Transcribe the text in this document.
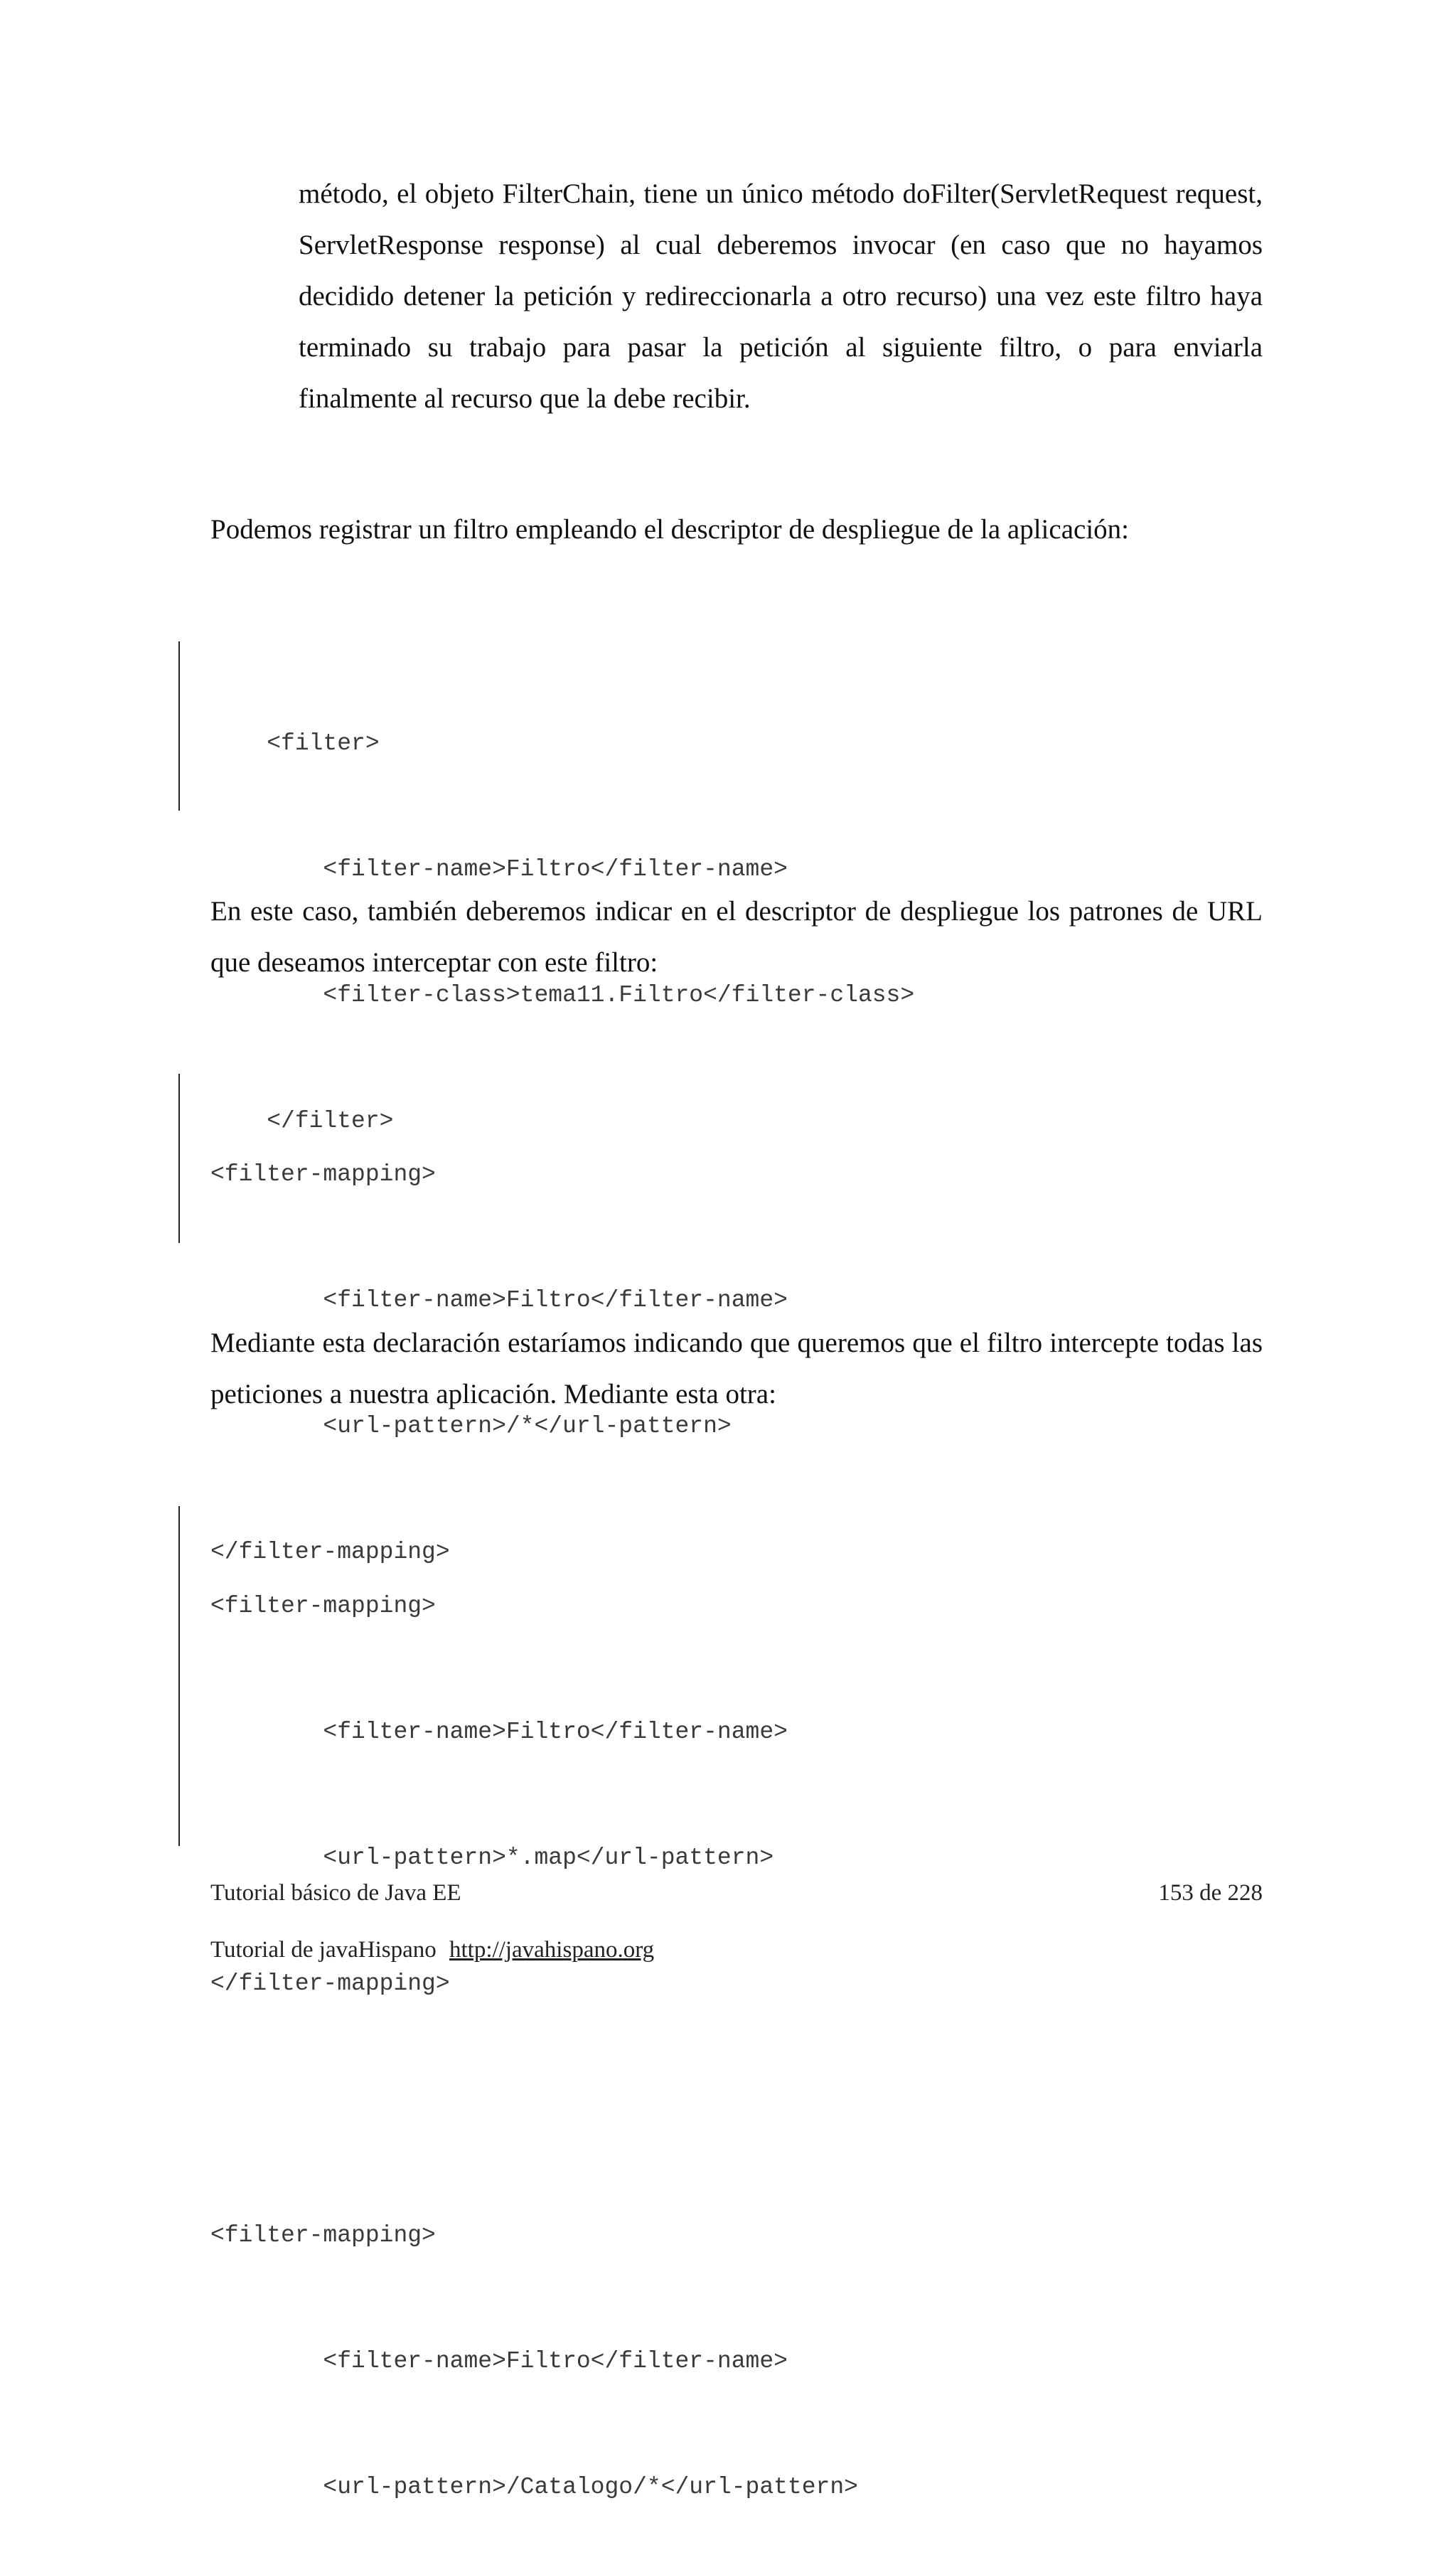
método, el objeto FilterChain, tiene un único método doFilter(ServletRequest request, ServletResponse response) al cual deberemos invocar (en caso que no hayamos decidido detener la petición y redireccionarla a otro recurso) una vez este filtro haya terminado su trabajo para pasar la petición al siguiente filtro, o para enviarla finalmente al recurso que la debe recibir.
Podemos registrar un filtro empleando el descriptor de despliegue de la aplicación:

<filter>

<filter-name>Filtro</filter-name>

<filter-class>tema11.Filtro</filter-class>

</filter>

En este caso, también deberemos indicar en el descriptor de despliegue los patrones de URL que deseamos interceptar con este filtro:

<filter-mapping>

<filter-name>Filtro</filter-name>

<url-pattern>/*</url-pattern>

</filter-mapping>

Mediante esta declaración estaríamos indicando que queremos que el filtro intercepte todas las peticiones a nuestra aplicación. Mediante esta otra:

<filter-mapping>

<filter-name>Filtro</filter-name>

<url-pattern>*.map</url-pattern>

</filter-mapping>

<filter-mapping>

<filter-name>Filtro</filter-name>

<url-pattern>/Catalogo/*</url-pattern>

Tutorial básico de Java EE	153 de 228
Tutorial de javaHispano http://javahispano.org
